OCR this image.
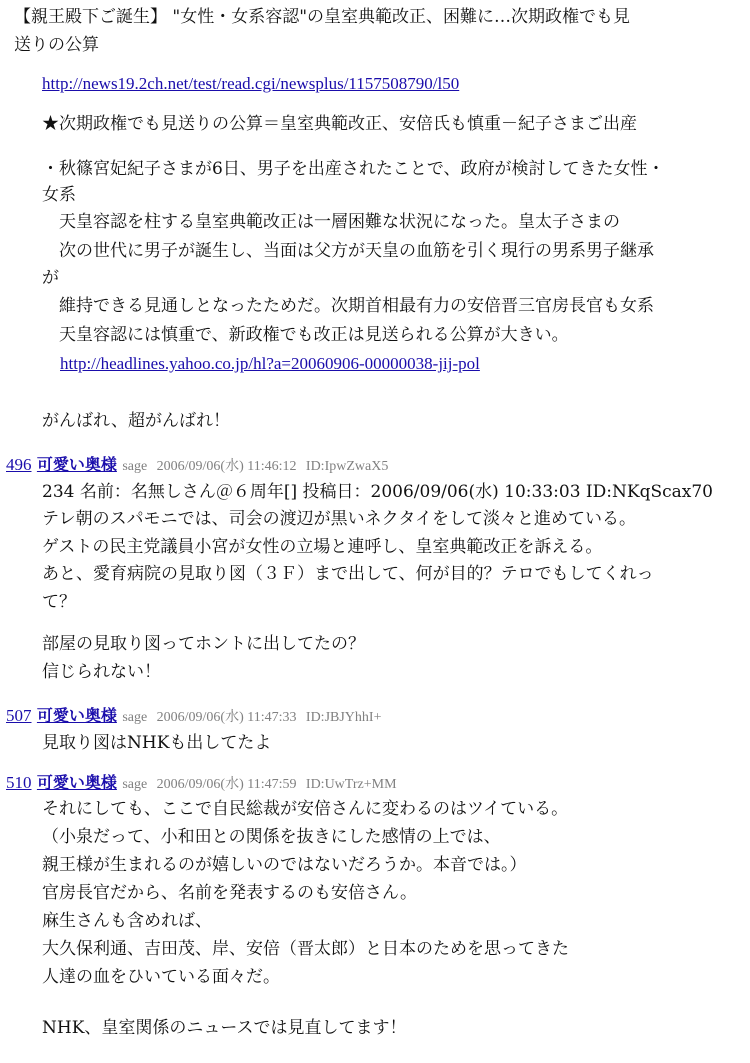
【親王殿下ご誕生】 "女性・女系容認"の皇室典範改正、困難に…次期政権でも見
送りの公算
http://news19.2ch.net/test/read.cgi/newsplus/1157508790/l50
★次期政権でも見送りの公算＝皇室典範改正、安倍氏も慎重－紀子さまご出産
・秋篠宮妃紀子さまが6日、男子を出産されたことで、政府が検討してきた女性・
女系
　天皇容認を柱する皇室典範改正は一層困難な状況になった。皇太子さまの
　次の世代に男子が誕生し、当面は父方が天皇の血筋を引く現行の男系男子継承
が
　維持できる見通しとなったためだ。次期首相最有力の安倍晋三官房長官も女系
　天皇容認には慎重で、新政権でも改正は見送られる公算が大きい。
http://headlines.yahoo.co.jp/hl?a=20060906-00000038-jij-pol
がんばれ、超がんばれ！
496 可愛い奥様 sage 2006/09/06(水) 11:46:12 ID:IpwZwaX5
234 名前：名無しさん＠６周年[] 投稿日：2006/09/06(水) 10:33:03 ID:NKqScax70
テレ朝のスパモニでは、司会の渡辺が黒いネクタイをして淡々と進めている。
ゲストの民主党議員小宮が女性の立場と連呼し、皇室典範改正を訴える。
あと、愛育病院の見取り図（３Ｆ）まで出して、何が目的？テロでもしてくれっ
て？
部屋の見取り図ってホントに出してたの？
信じられない！
507 可愛い奥様 sage 2006/09/06(水) 11:47:33 ID:JBJYhhI+
見取り図はNHKも出してたよ
510 可愛い奥様 sage 2006/09/06(水) 11:47:59 ID:UwTrz+MM
それにしても、ここで自民総裁が安倍さんに変わるのはツイている。
（小泉だって、小和田との関係を抜きにした感情の上では、
親王様が生まれるのが嬉しいのではないだろうか。本音では。）
官房長官だから、名前を発表するのも安倍さん。
麻生さんも含めれば、
大久保利通、吉田茂、岸、安倍（晋太郎）と日本のためを思ってきた
人達の血をひいている面々だ。
NHK、皇室関係のニュースでは見直してます！
